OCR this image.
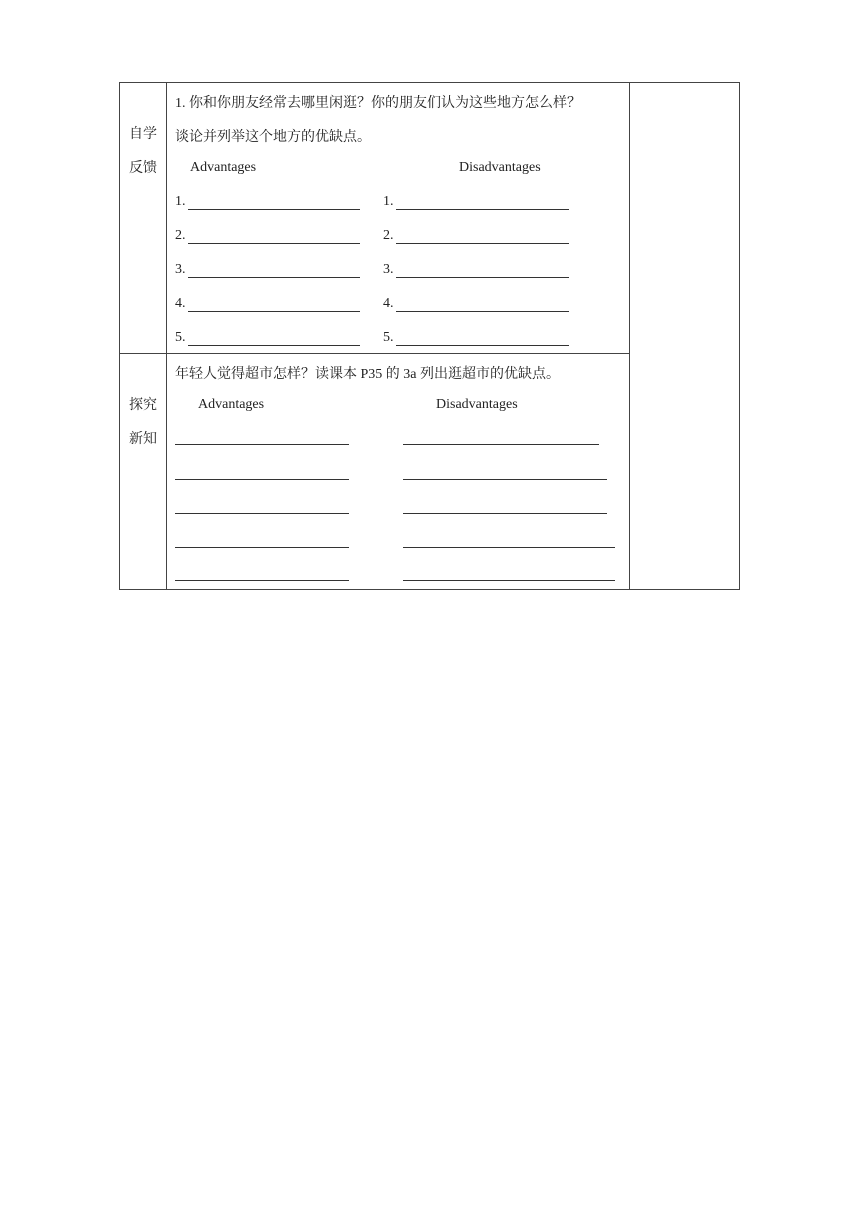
自学
反馈
1. 你和你朋友经常去哪里闲逛？你的朋友们认为这些地方怎么样？
谈论并列举这个地方的优缺点。
Advantages	Disadvantages
1.
2.
3.
4.
5.
1.
2.
3.
4.
5.
探究
新知
年轻人觉得超市怎样？读课本 P35 的 3a 列出逛超市的优缺点。
Advantages	Disadvantages
